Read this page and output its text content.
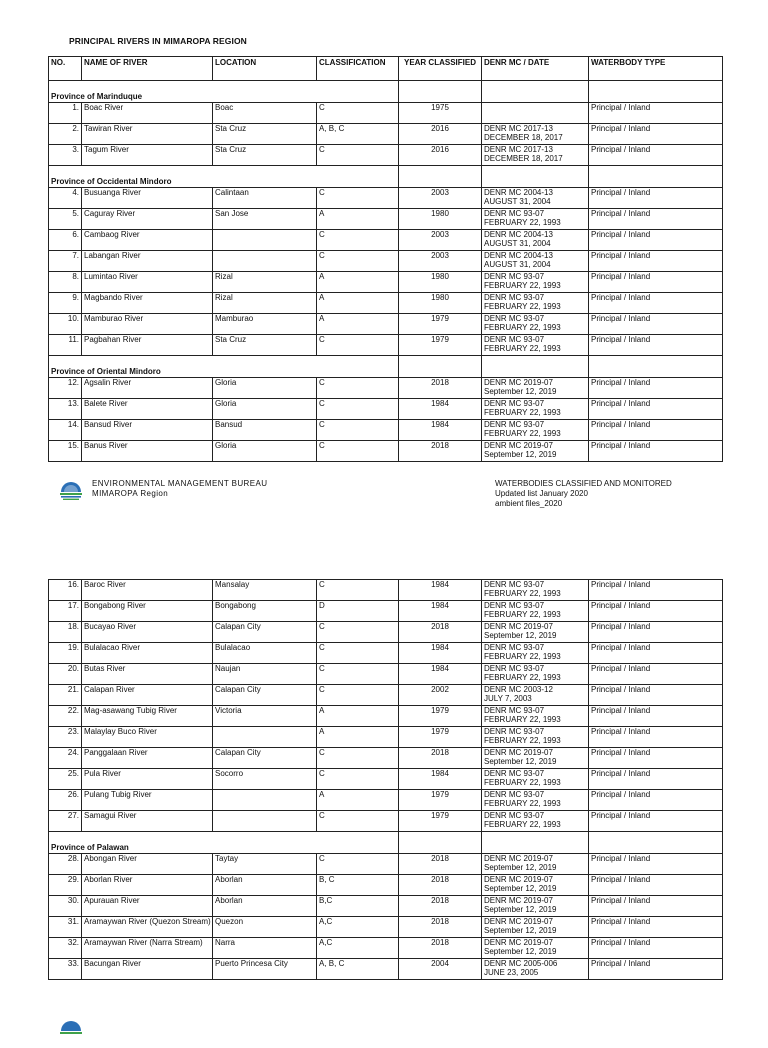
PRINCIPAL RIVERS IN MIMAROPA REGION
NO.	NAME OF RIVER	LOCATION	CLASSIFICATION	YEAR CLASSIFIED	DENR MC / DATE	WATERBODY TYPE
Province of Marinduque						
1.	Boac River	Boac	C	1975		Principal / Inland
2.	Tawiran River	Sta Cruz	A, B, C	2016	DENR MC 2017-13
DECEMBER 18, 2017	Principal / Inland
3.	Tagum River	Sta Cruz	C	2016	DENR MC 2017-13
DECEMBER 18, 2017	Principal / Inland
Province of Occidental Mindoro						
4.	Busuanga River	Calintaan	C	2003	DENR MC 2004-13
AUGUST 31, 2004	Principal / Inland
5.	Caguray River	San Jose	A	1980	DENR MC 93-07
FEBRUARY 22, 1993	Principal / Inland
6.	Cambaog River		C	2003	DENR MC 2004-13
AUGUST 31, 2004	Principal / Inland
7.	Labangan River		C	2003	DENR MC 2004-13
AUGUST 31, 2004	Principal / Inland
8.	Lumintao River	Rizal	A	1980	DENR MC 93-07
FEBRUARY 22, 1993	Principal / Inland
9.	Magbando River	Rizal	A	1980	DENR MC 93-07
FEBRUARY 22, 1993	Principal / Inland
10.	Mamburao River	Mamburao	A	1979	DENR MC 93-07
FEBRUARY 22, 1993	Principal / Inland
11.	Pagbahan River	Sta Cruz	C	1979	DENR MC 93-07
FEBRUARY 22, 1993	Principal / Inland
Province of Oriental Mindoro						
12.	Agsalin River	Gloria	C	2018	DENR MC 2019-07
September 12, 2019	Principal / Inland
13.	Balete River	Gloria	C	1984	DENR MC 93-07
FEBRUARY 22, 1993	Principal / Inland
14.	Bansud River	Bansud	C	1984	DENR MC 93-07
FEBRUARY 22, 1993	Principal / Inland
15.	Banus River	Gloria	C	2018	DENR MC 2019-07
September 12, 2019	Principal / Inland
ENVIRONMENTAL MANAGEMENT BUREAU
MIMAROPA Region
WATERBODIES CLASSIFIED AND MONITORED
Updated list January 2020
ambient files_2020
16.	Baroc River	Mansalay	C	1984	DENR MC 93-07
FEBRUARY 22, 1993	Principal / Inland
17.	Bongabong River	Bongabong	D	1984	DENR MC 93-07
FEBRUARY 22, 1993	Principal / Inland
18.	Bucayao River	Calapan City	C	2018	DENR MC 2019-07
September 12, 2019	Principal / Inland
19.	Bulalacao River	Bulalacao	C	1984	DENR MC 93-07
FEBRUARY 22, 1993	Principal / Inland
20.	Butas River	Naujan	C	1984	DENR MC 93-07
FEBRUARY 22, 1993	Principal / Inland
21.	Calapan River	Calapan City	C	2002	DENR MC 2003-12
JULY 7, 2003	Principal / Inland
22.	Mag-asawang Tubig River	Victoria	A	1979	DENR MC 93-07
FEBRUARY 22, 1993	Principal / Inland
23.	Malaylay Buco River		A	1979	DENR MC 93-07
FEBRUARY 22, 1993	Principal / Inland
24.	Panggalaan River	Calapan City	C	2018	DENR MC 2019-07
September 12, 2019	Principal / Inland
25.	Pula River	Socorro	C	1984	DENR MC 93-07
FEBRUARY 22, 1993	Principal / Inland
26.	Pulang Tubig River		A	1979	DENR MC 93-07
FEBRUARY 22, 1993	Principal / Inland
27.	Samagui River		C	1979	DENR MC 93-07
FEBRUARY 22, 1993	Principal / Inland
Province of Palawan						
28.	Abongan River	Taytay	C	2018	DENR MC 2019-07
September 12, 2019	Principal / Inland
29.	Aborlan River	Aborlan	B, C	2018	DENR MC 2019-07
September 12, 2019	Principal / Inland
30.	Apurauan River	Aborlan	B,C	2018	DENR MC 2019-07
September 12, 2019	Principal / Inland
31.	Aramaywan River (Quezon Stream)	Quezon	A,C	2018	DENR MC 2019-07
September 12, 2019	Principal / Inland
32.	Aramaywan River (Narra Stream)	Narra	A,C	2018	DENR MC 2019-07
September 12, 2019	Principal / Inland
33.	Bacungan River	Puerto Princesa City	A, B, C	2004	DENR MC 2005-006
JUNE 23, 2005	Principal / Inland
